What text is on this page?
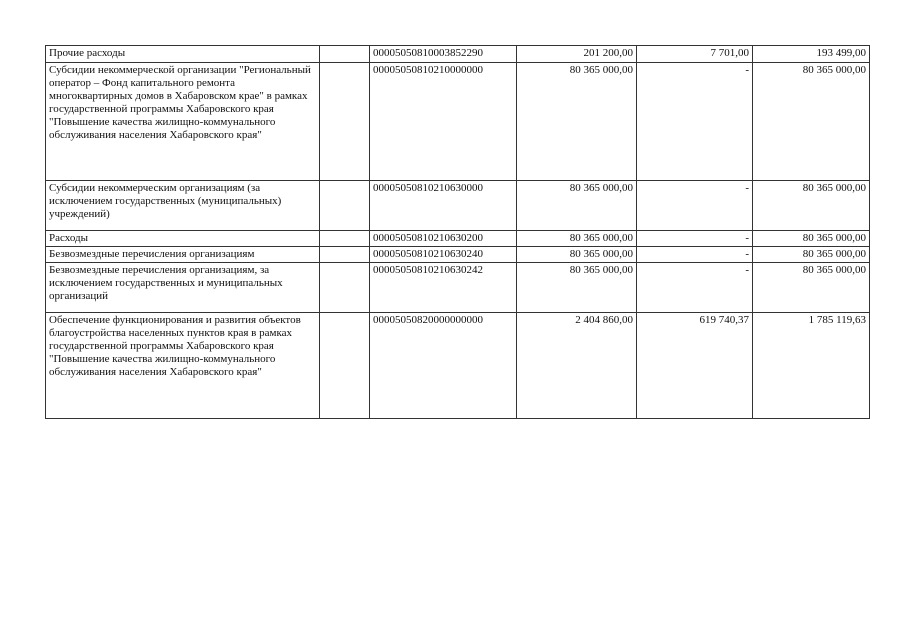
Прочие расходы		00005050810003852290	201 200,00	7 701,00	193 499,00
Субсидии некоммерческой организации "Региональный оператор – Фонд капитального ремонта многоквартирных домов в Хабаровском крае" в рамках государственной программы Хабаровского края "Повышение качества жилищно-коммунального обслуживания населения Хабаровского края"		00005050810210000000	80 365 000,00	-	80 365 000,00
Субсидии некоммерческим организациям (за исключением государственных (муниципальных) учреждений)		00005050810210630000	80 365 000,00	-	80 365 000,00
Расходы		00005050810210630200	80 365 000,00	-	80 365 000,00
Безвозмездные перечисления организациям		00005050810210630240	80 365 000,00	-	80 365 000,00
Безвозмездные перечисления организациям, за исключением государственных и муниципальных организаций		00005050810210630242	80 365 000,00	-	80 365 000,00
Обеспечение функционирования и развития объектов благоустройства населенных пунктов края в рамках государственной программы Хабаровского края "Повышение качества жилищно-коммунального обслуживания населения Хабаровского края"		00005050820000000000	2 404 860,00	619 740,37	1 785 119,63
